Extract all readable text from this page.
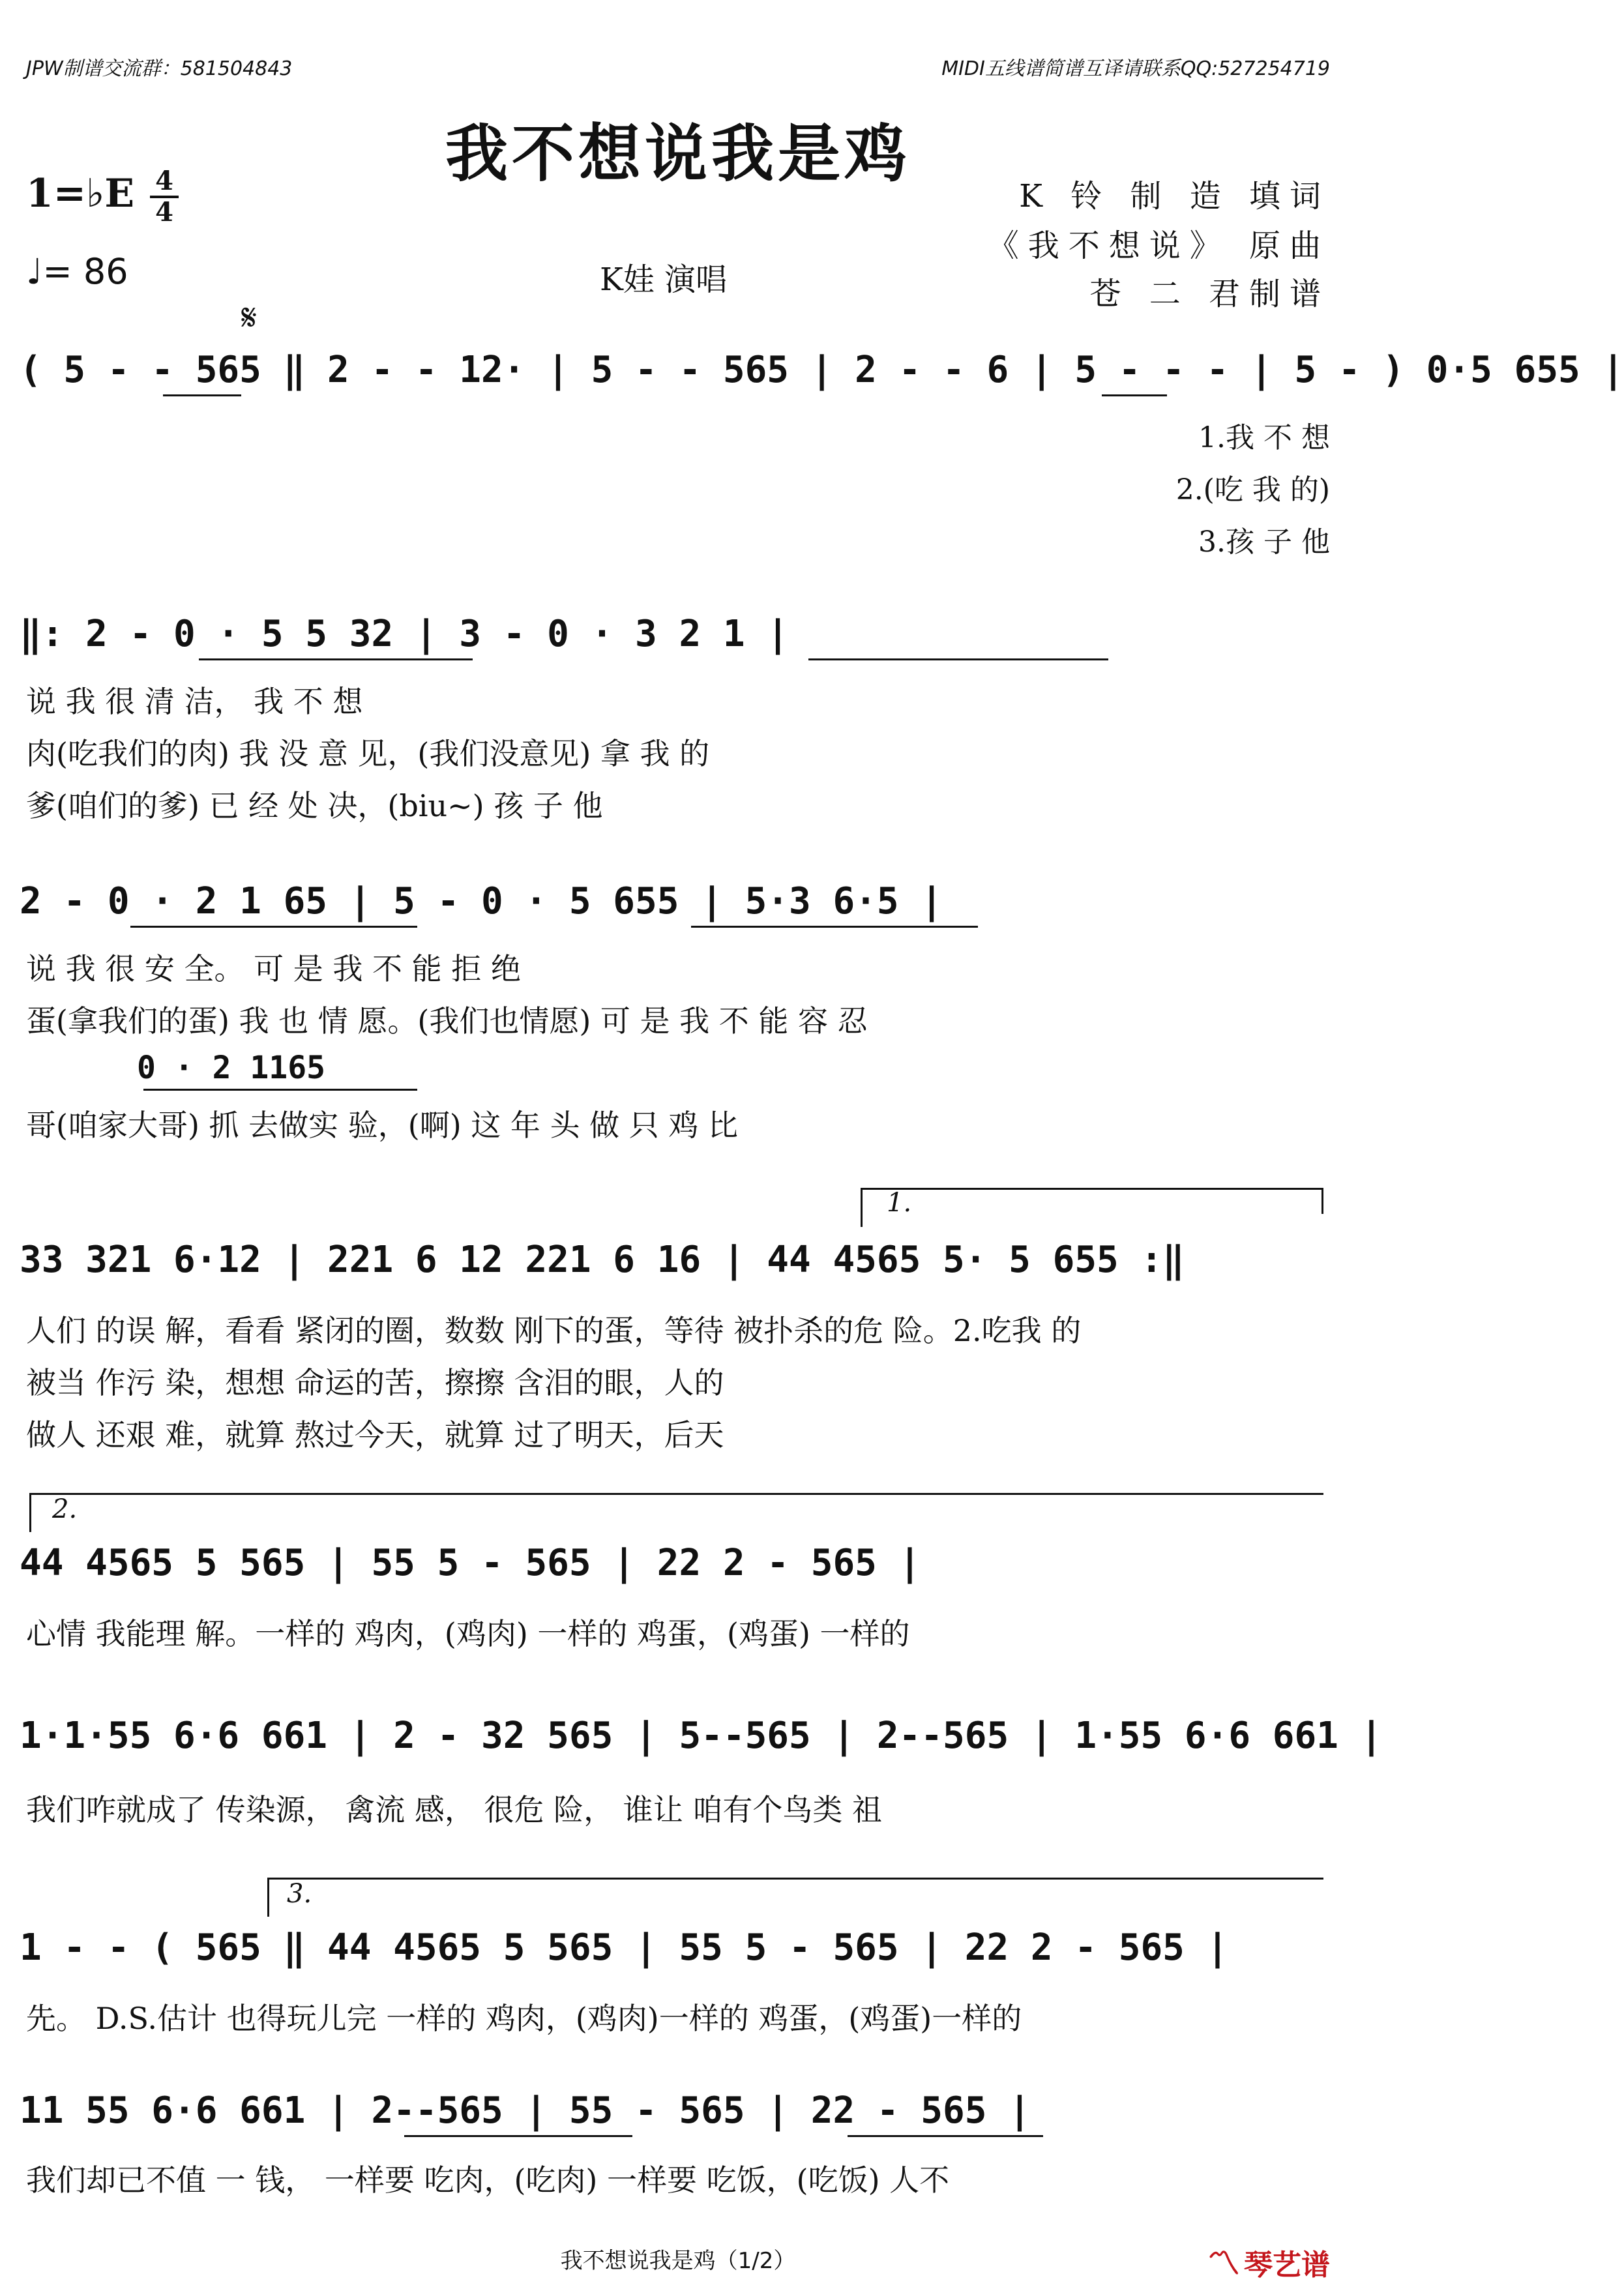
JPW制谱交流群：581504843	MIDI五线谱简谱互译请联系QQ:527254719
我不想说我是鸡
K 铃 制 造 填词
《我不想说》 原曲
苍 二 君制谱
1=♭E 4
4
♩= 86	K娃 演唱
𝄋
( 5 - - 565 ‖ 2 - - 12· | 5 - - 565 | 2 - - 6 | 5 - - - | 5 - ) 0·5 655 |
1.我 不 想
2.(吃 我 的)
3.孩 子 他
‖: 2 - 0 · 5 5 32 | 3 - 0 · 3 2 1 |
说 我 很 清 洁， 我 不 想
肉(吃我们的肉) 我 没 意 见，(我们没意见) 拿 我 的
爹(咱们的爹) 已 经 处 决，(biu~) 孩 子 他
2 - 0 · 2 1 65 | 5 - 0 · 5 655 | 5·3 6·5 |
说 我 很 安 全。 可 是 我 不 能 拒 绝
蛋(拿我们的蛋) 我 也 情 愿。(我们也情愿) 可 是 我 不 能 容 忍
0 · 2 1165
哥(咱家大哥) 抓 去做实 验，(啊) 这 年 头 做 只 鸡 比
1.
33 321 6·12 | 221 6 12 221 6 16 | 44 4565 5· 5 655 :‖
人们 的误 解，看看 紧闭的圈，数数 刚下的蛋，等待 被扑杀的危 险。2.吃我 的
被当 作污 染，想想 命运的苦，擦擦 含泪的眼，人的
做人 还艰 难，就算 熬过今天，就算 过了明天，后天
2.
44 4565 5 565 | 55 5 - 565 | 22 2 - 565 |
心情 我能理 解。一样的 鸡肉，(鸡肉) 一样的 鸡蛋，(鸡蛋) 一样的
1·1·55 6·6 661 | 2 - 32 565 | 5--565 | 2--565 | 1·55 6·6 661 |
我们咋就成了 传染源， 禽流 感， 很危 险， 谁让 咱有个鸟类 祖
3.
1 - - ( 565 ‖ 44 4565 5 565 | 55 5 - 565 | 22 2 - 565 |
先。 D.S.估计 也得玩儿完 一样的 鸡肉，(鸡肉)一样的 鸡蛋，(鸡蛋)一样的
11 55 6·6 661 | 2--565 | 55 - 565 | 22 - 565 |
我们却已不值 一 钱， 一样要 吃肉，(吃肉) 一样要 吃饭，(吃饭) 人不
我不想说我是鸡（1/2）	〽 琴艺谱
